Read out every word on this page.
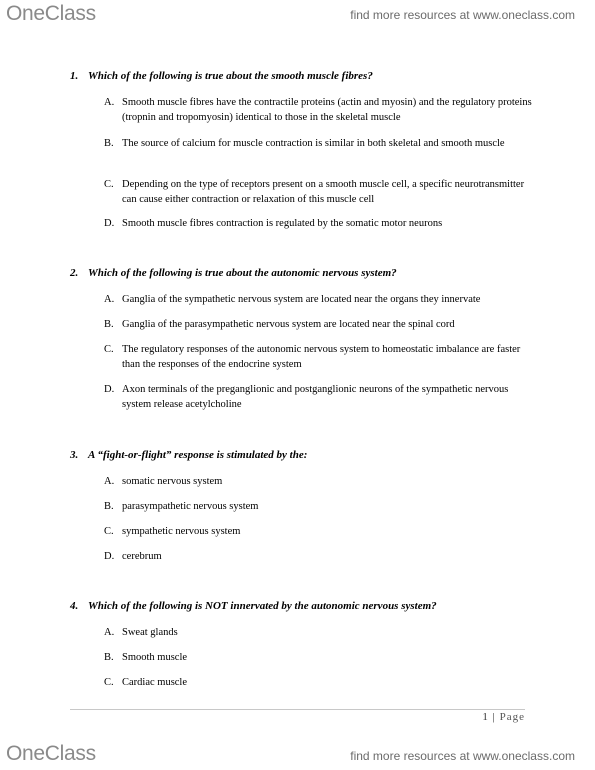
OneClass	find more resources at www.oneclass.com
1. Which of the following is true about the smooth muscle fibres?
A. Smooth muscle fibres have the contractile proteins (actin and myosin) and the regulatory proteins (tropnin and tropomyosin) identical to those in the skeletal muscle
B. The source of calcium for muscle contraction is similar in both skeletal and smooth muscle
C. Depending on the type of receptors present on a smooth muscle cell, a specific neurotransmitter can cause either contraction or relaxation of this muscle cell
D. Smooth muscle fibres contraction is regulated by the somatic motor neurons
2. Which of the following is true about the autonomic nervous system?
A. Ganglia of the sympathetic nervous system are located near the organs they innervate
B. Ganglia of the parasympathetic nervous system are located near the spinal cord
C. The regulatory responses of the autonomic nervous system to homeostatic imbalance are faster than the responses of the endocrine system
D. Axon terminals of the preganglionic and postganglionic neurons of the sympathetic nervous system release acetylcholine
3. A “fight-or-flight” response is stimulated by the:
A. somatic nervous system
B. parasympathetic nervous system
C. sympathetic nervous system
D. cerebrum
4. Which of the following is NOT innervated by the autonomic nervous system?
A. Sweat glands
B. Smooth muscle
C. Cardiac muscle
1 | Page
OneClass	find more resources at www.oneclass.com
